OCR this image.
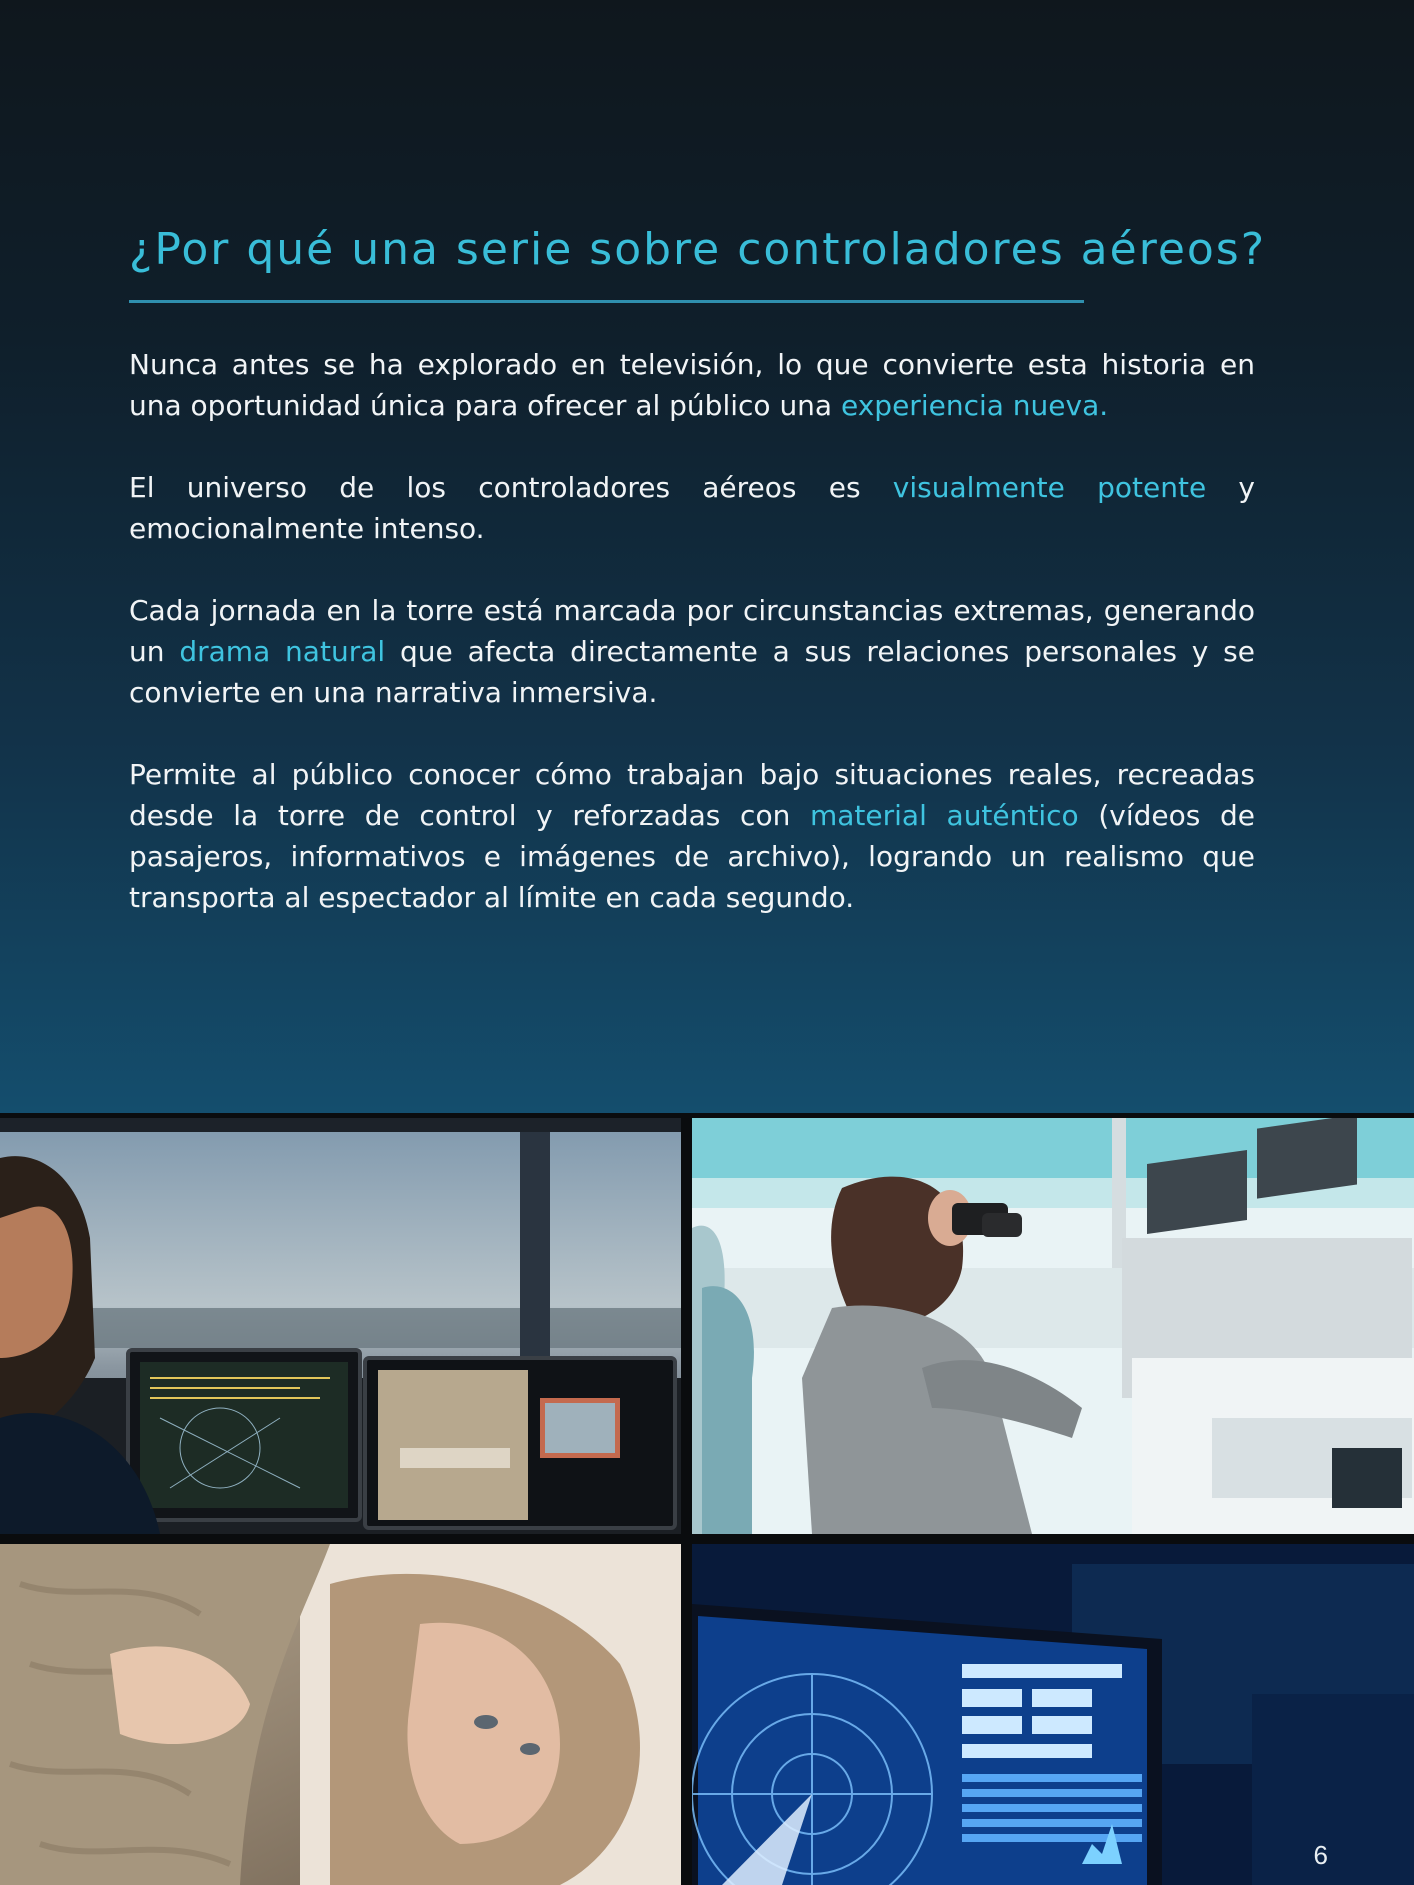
¿Por qué una serie sobre controladores aéreos?

Nunca antes se ha explorado en televisión, lo que convierte esta historia en una oportunidad única para ofrecer al público una experiencia nueva.

El universo de los controladores aéreos es visualmente potente y emocionalmente intenso.

Cada jornada en la torre está marcada por circunstancias extremas, generando un drama natural que afecta directamente a sus relaciones personales y se convierte en una narrativa inmersiva.

Permite al público conocer cómo trabajan bajo situaciones reales, recreadas desde la torre de control y reforzadas con material auténtico (vídeos de pasajeros, informativos e imágenes de archivo), logrando un realismo que transporta al espectador al límite en cada segundo.

6
